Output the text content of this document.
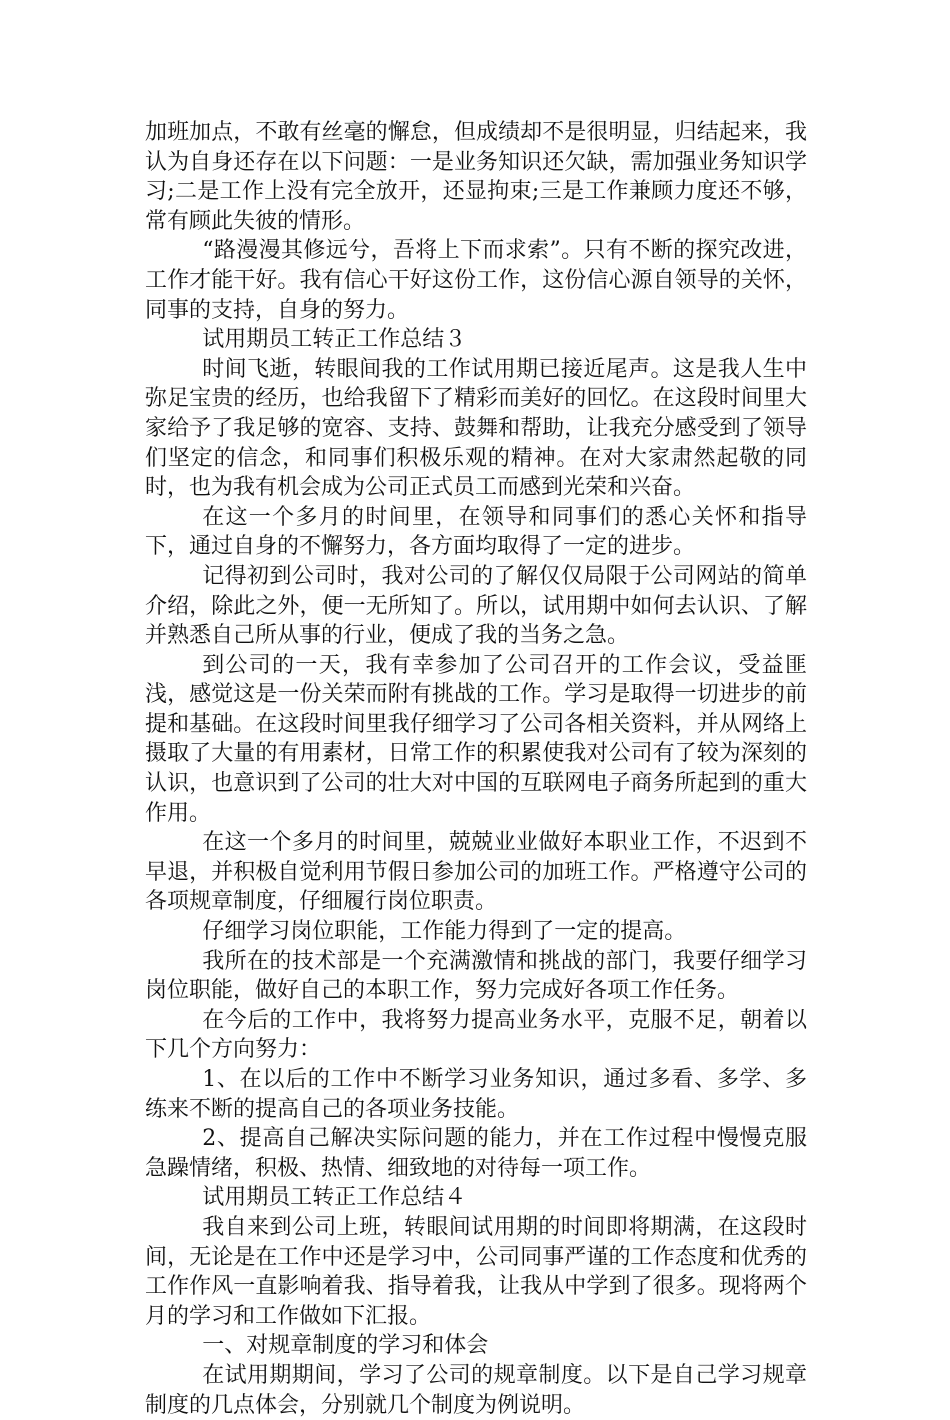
加班加点，不敢有丝毫的懈怠，但成绩却不是很明显，归结起来，我认为自身还存在以下问题：一是业务知识还欠缺，需加强业务知识学习;二是工作上没有完全放开，还显拘束;三是工作兼顾力度还不够，常有顾此失彼的情形。

“路漫漫其修远兮，吾将上下而求索”。只有不断的探究改进，工作才能干好。我有信心干好这份工作，这份信心源自领导的关怀，同事的支持，自身的努力。

试用期员工转正工作总结３

时间飞逝，转眼间我的工作试用期已接近尾声。这是我人生中弥足宝贵的经历，也给我留下了精彩而美好的回忆。在这段时间里大家给予了我足够的宽容、支持、鼓舞和帮助，让我充分感受到了领导们坚定的信念，和同事们积极乐观的精神。在对大家肃然起敬的同时，也为我有机会成为公司正式员工而感到光荣和兴奋。

在这一个多月的时间里，在领导和同事们的悉心关怀和指导下，通过自身的不懈努力，各方面均取得了一定的进步。

记得初到公司时，我对公司的了解仅仅局限于公司网站的简单介绍，除此之外，便一无所知了。所以，试用期中如何去认识、了解并熟悉自己所从事的行业，便成了我的当务之急。

到公司的一天，我有幸参加了公司召开的工作会议，受益匪浅，感觉这是一份关荣而附有挑战的工作。学习是取得一切进步的前提和基础。在这段时间里我仔细学习了公司各相关资料，并从网络上摄取了大量的有用素材，日常工作的积累使我对公司有了较为深刻的认识，也意识到了公司的壮大对中国的互联网电子商务所起到的重大作用。

在这一个多月的时间里，兢兢业业做好本职业工作，不迟到不早退，并积极自觉利用节假日参加公司的加班工作。严格遵守公司的各项规章制度，仔细履行岗位职责。

仔细学习岗位职能，工作能力得到了一定的提高。

我所在的技术部是一个充满激情和挑战的部门，我要仔细学习岗位职能，做好自己的本职工作，努力完成好各项工作任务。

在今后的工作中，我将努力提高业务水平，克服不足，朝着以下几个方向努力：

1、在以后的工作中不断学习业务知识，通过多看、多学、多练来不断的提高自己的各项业务技能。

2、提高自己解决实际问题的能力，并在工作过程中慢慢克服急躁情绪，积极、热情、细致地的对待每一项工作。

试用期员工转正工作总结４

我自来到公司上班，转眼间试用期的时间即将期满，在这段时间，无论是在工作中还是学习中，公司同事严谨的工作态度和优秀的工作作风一直影响着我、指导着我，让我从中学到了很多。现将两个月的学习和工作做如下汇报。

一、对规章制度的学习和体会

在试用期期间，学习了公司的规章制度。以下是自己学习规章制度的几点体会，分别就几个制度为例说明。
